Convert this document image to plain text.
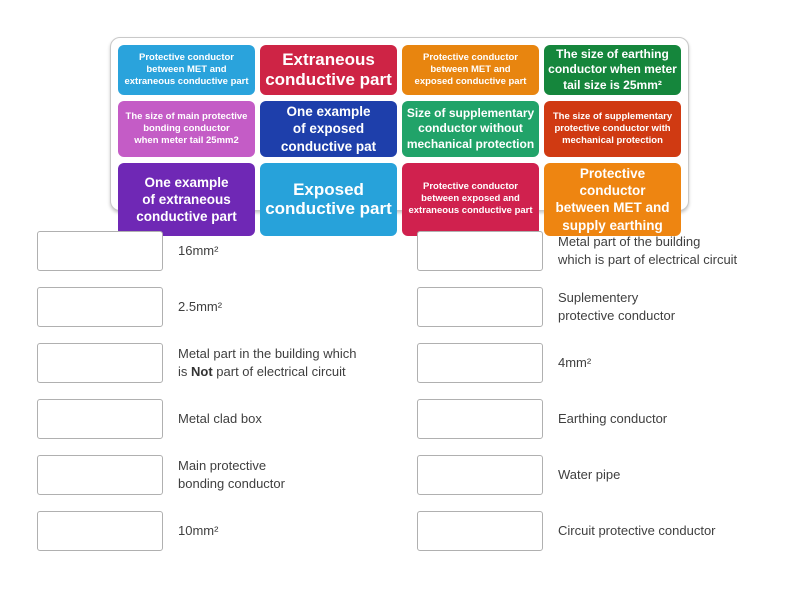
Protective conductor
between MET and
extraneous conductive part
Extraneous
conductive part
Protective conductor
between MET and
exposed conductive part
The size of earthing
conductor when meter
tail size is 25mm²
The size of main protective
bonding conductor
when meter tail 25mm2
One example
of exposed
conductive pat
Size of supplementary
conductor without
mechanical protection
The size of supplementary
protective conductor with
mechanical protection
One example
of extraneous
conductive part
Exposed
conductive part
Protective conductor
between exposed and
extraneous conductive part
Protective conductor
between MET and
supply earthing
16mm²
2.5mm²
Metal part in the building which
is Not part of electrical circuit
Metal clad box
Main protective
bonding conductor
10mm²
Metal part of the building
which is part of electrical circuit
Suplementery
protective conductor
4mm²
Earthing conductor
Water pipe
Circuit protective conductor
